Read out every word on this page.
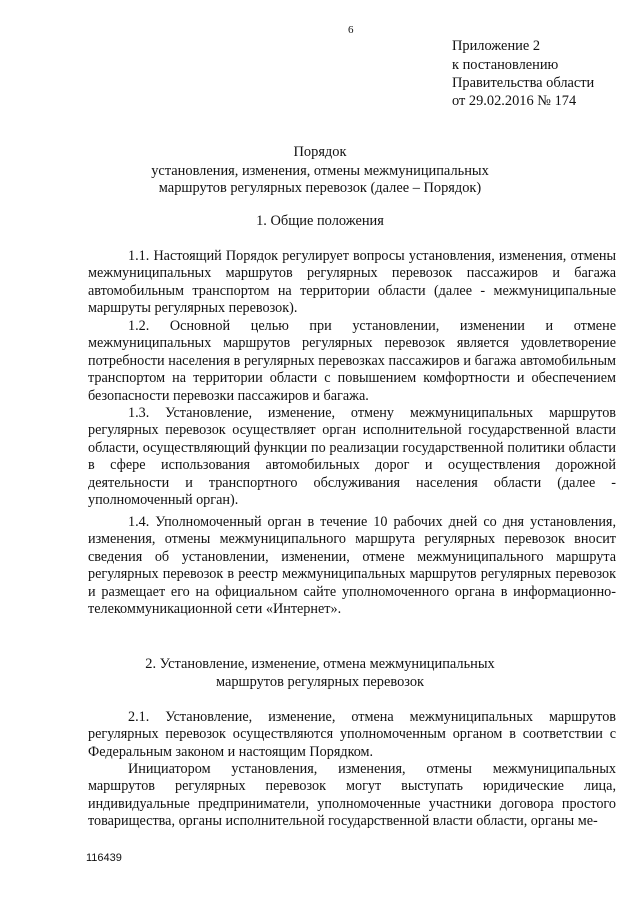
6
Приложение 2
к постановлению
Правительства области
от 29.02.2016 № 174
Порядок
установления, изменения, отмены межмуниципальных
маршрутов регулярных перевозок (далее – Порядок)
1. Общие положения

1.1. Настоящий Порядок регулирует вопросы установления, изменения, отмены межмуниципальных маршрутов регулярных перевозок пассажиров и багажа автомобильным транспортом на территории области (далее - межмуниципальные маршруты регулярных перевозок).

1.2. Основной целью при установлении, изменении и отмене межмуниципальных маршрутов регулярных перевозок является удовлетворение потребности населения в регулярных перевозках пассажиров и багажа автомобильным транспортом на территории области с повышением комфортности и обеспечением безопасности перевозки пассажиров и багажа.

1.3. Установление, изменение, отмену межмуниципальных маршрутов регулярных перевозок осуществляет орган исполнительной государственной власти области, осуществляющий функции по реализации государственной политики области в сфере использования автомобильных дорог и осуществления дорожной деятельности и транспортного обслуживания населения области (далее - уполномоченный орган).

1.4. Уполномоченный орган в течение 10 рабочих дней со дня установления, изменения, отмены межмуниципального маршрута регулярных перевозок вносит сведения об установлении, изменении, отмене межмуниципального маршрута регулярных перевозок в реестр межмуниципальных маршрутов регулярных перевозок и размещает его на официальном сайте уполномоченного органа в информационно-телекоммуникационной сети «Интернет».

2. Установление, изменение, отмена межмуниципальных
маршрутов регулярных перевозок

2.1. Установление, изменение, отмена межмуниципальных маршрутов регулярных перевозок осуществляются уполномоченным органом в соответствии с Федеральным законом и настоящим Порядком.

Инициатором установления, изменения, отмены межмуниципальных маршрутов регулярных перевозок могут выступать юридические лица, индивидуальные предприниматели, уполномоченные участники договора простого товарищества, органы исполнительной государственной власти области, органы ме-

116439
